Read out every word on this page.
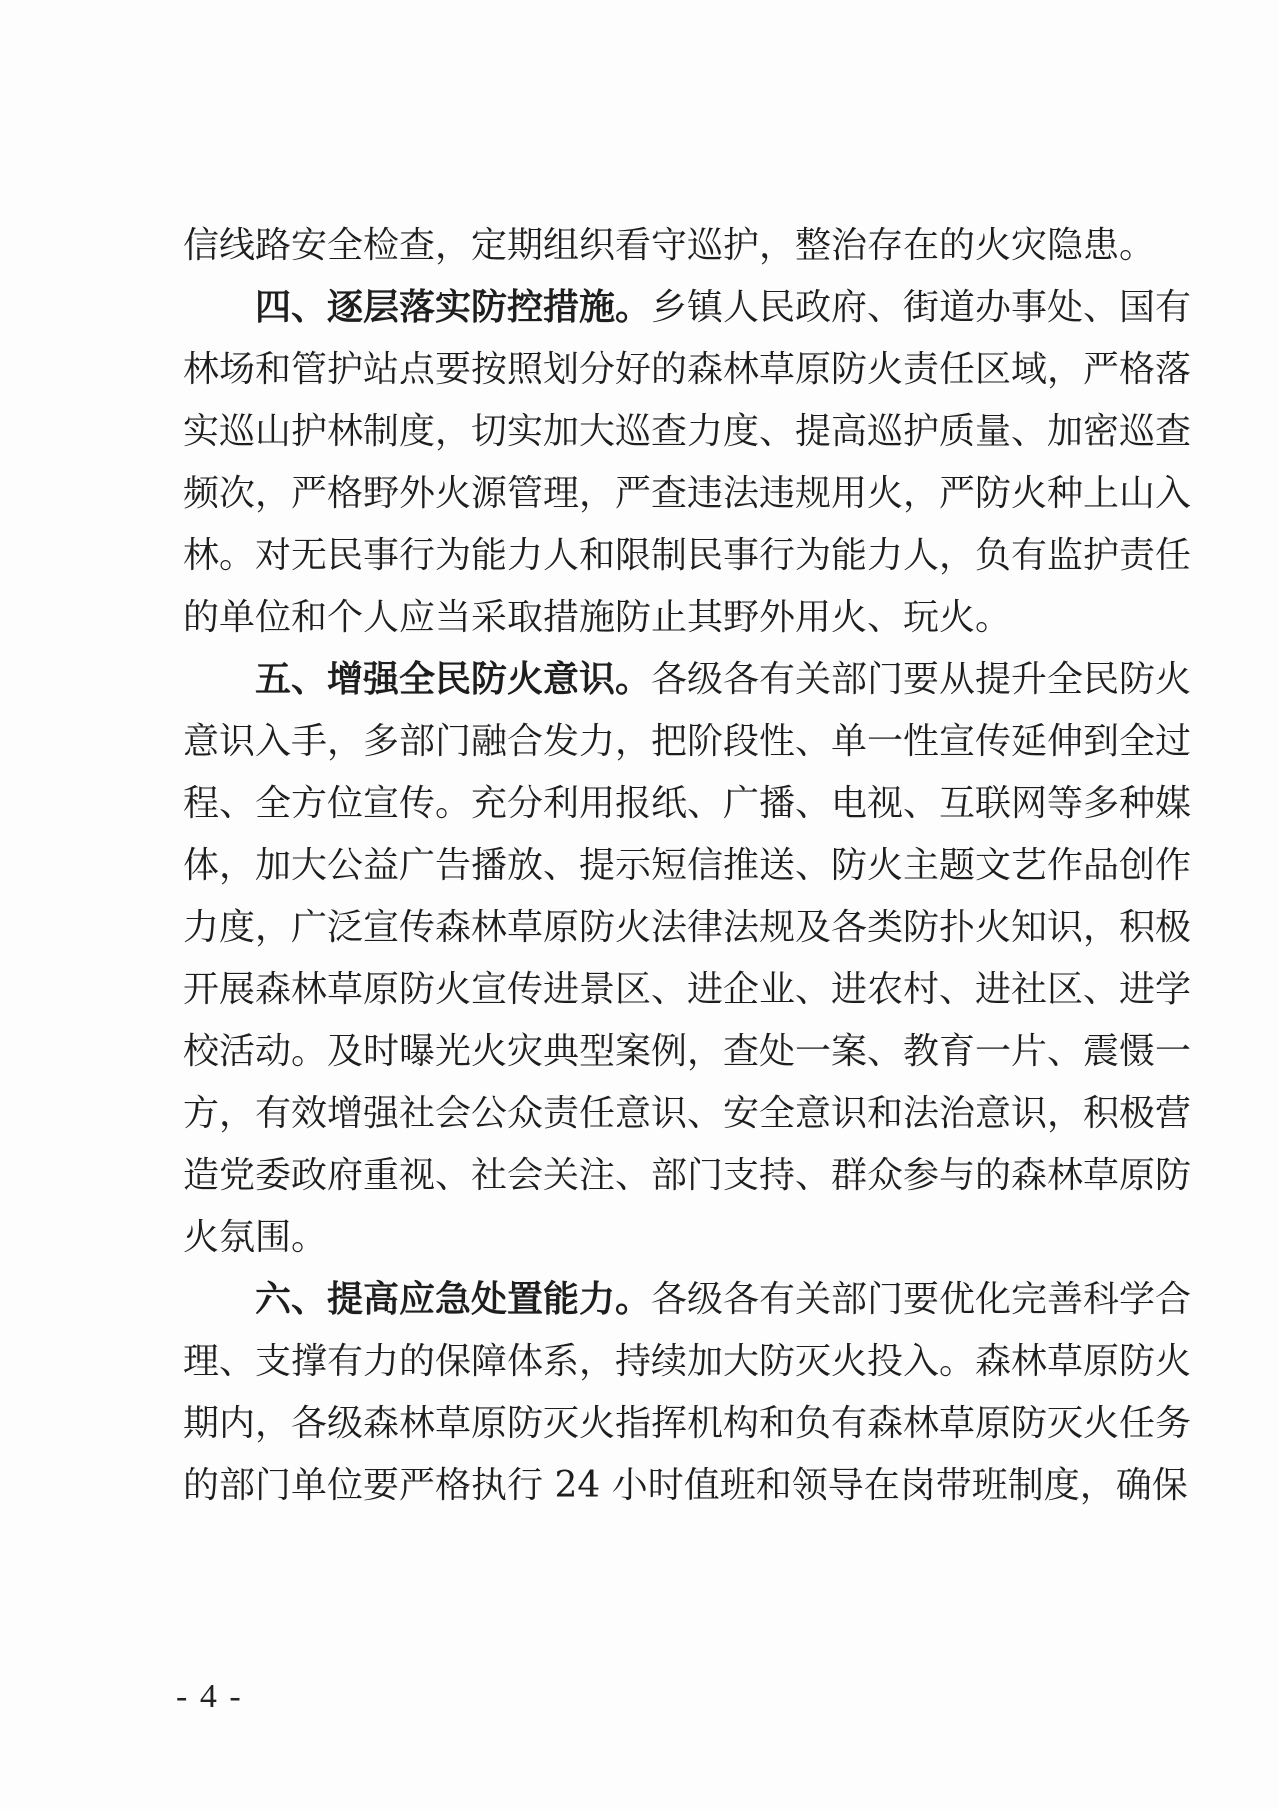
信线路安全检查，定期组织看守巡护，整治存在的火灾隐患。
四、逐层落实防控措施。乡镇人民政府、街道办事处、国有
林场和管护站点要按照划分好的森林草原防火责任区域，严格落
实巡山护林制度，切实加大巡查力度、提高巡护质量、加密巡查
频次，严格野外火源管理，严查违法违规用火，严防火种上山入
林。对无民事行为能力人和限制民事行为能力人，负有监护责任
的单位和个人应当采取措施防止其野外用火、玩火。
五、增强全民防火意识。各级各有关部门要从提升全民防火
意识入手，多部门融合发力，把阶段性、单一性宣传延伸到全过
程、全方位宣传。充分利用报纸、广播、电视、互联网等多种媒
体，加大公益广告播放、提示短信推送、防火主题文艺作品创作
力度，广泛宣传森林草原防火法律法规及各类防扑火知识，积极
开展森林草原防火宣传进景区、进企业、进农村、进社区、进学
校活动。及时曝光火灾典型案例，查处一案、教育一片、震慑一
方，有效增强社会公众责任意识、安全意识和法治意识，积极营
造党委政府重视、社会关注、部门支持、群众参与的森林草原防
火氛围。
六、提高应急处置能力。各级各有关部门要优化完善科学合
理、支撑有力的保障体系，持续加大防灭火投入。森林草原防火
期内，各级森林草原防灭火指挥机构和负有森林草原防灭火任务
的部门单位要严格执行 24 小时值班和领导在岗带班制度，确保
- 4 -
